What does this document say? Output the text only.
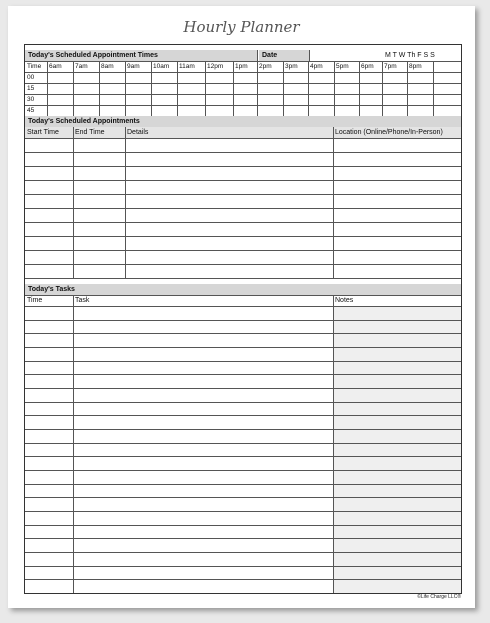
Hourly Planner
Today's Scheduled Appointment Times	Date	M T W Th F S S
Time	6am	7am	8am	9am	10am	11am	12pm	1pm	2pm	3pm	4pm	5pm	6pm	7pm	8pm
00
15
30
45
Today's Scheduled Appointments
Start Time	End Time	Details	Location (Online/Phone/In-Person)
Today's Tasks
Time	Task	Notes
©Life Charge LLC®
